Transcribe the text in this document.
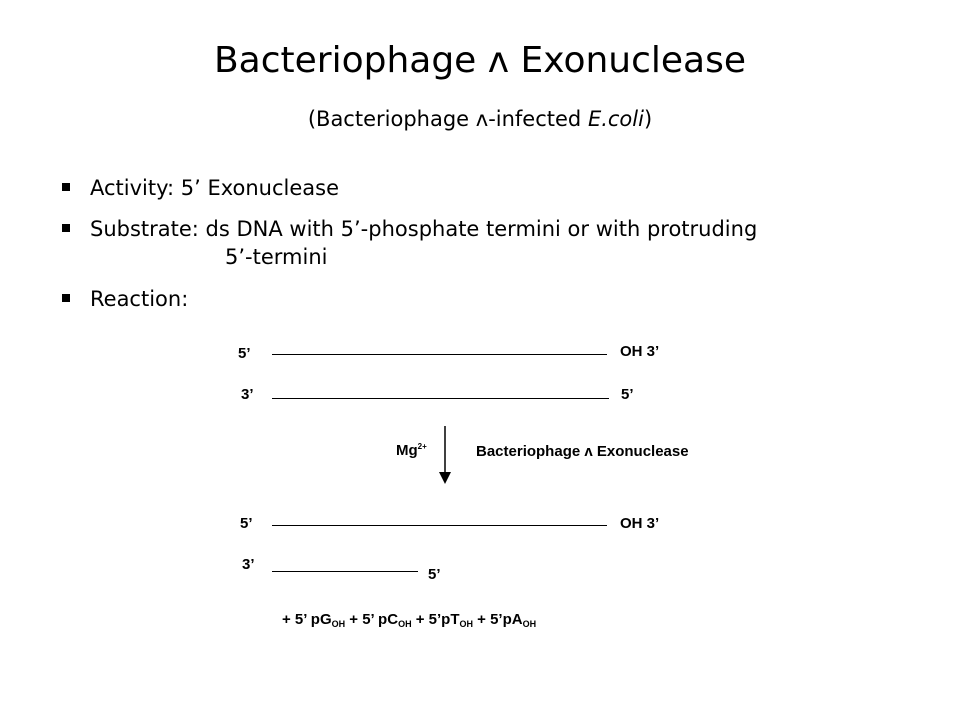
Bacteriophage ʌ Exonuclease
(Bacteriophage ʌ-infected E.coli)
Activity: 5’ Exonuclease
Substrate: ds DNA with 5’-phosphate termini or with protruding
5’-termini
Reaction:
5’	OH 3’
3’	5’
$Mg^{2+}$	Bacteriophage ʌ Exonuclease
5’	OH 3’
3’
5’
+ 5’ $pG_{OH} + 5$’ $pC_{OH}$ + $5’pT_{OH}$ + $5’pA_{OH}$
